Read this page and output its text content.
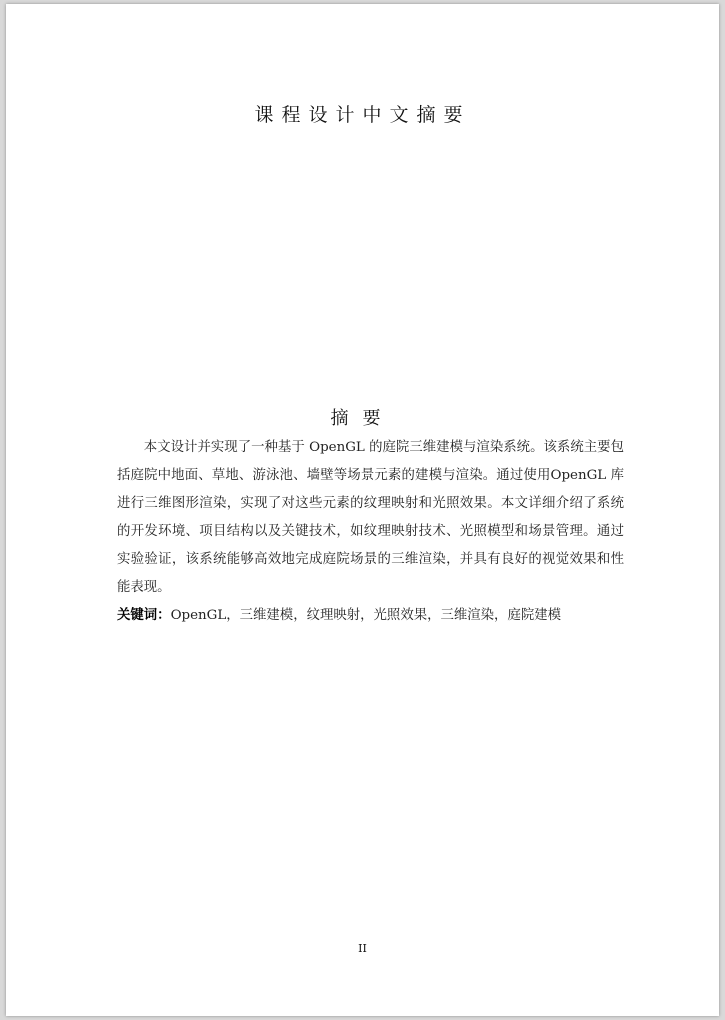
课程设计中文摘要
摘要

本文设计并实现了一种基于 OpenGL 的庭院三维建模与渲染系统。该系统主要包括庭院中地面、草地、游泳池、墙壁等场景元素的建模与渲染。通过使用OpenGL 库进行三维图形渲染，实现了对这些元素的纹理映射和光照效果。本文详细介绍了系统的开发环境、项目结构以及关键技术，如纹理映射技术、光照模型和场景管理。通过实验验证，该系统能够高效地完成庭院场景的三维渲染，并具有良好的视觉效果和性能表现。

关键词：OpenGL，三维建模，纹理映射，光照效果，三维渲染，庭院建模

II
